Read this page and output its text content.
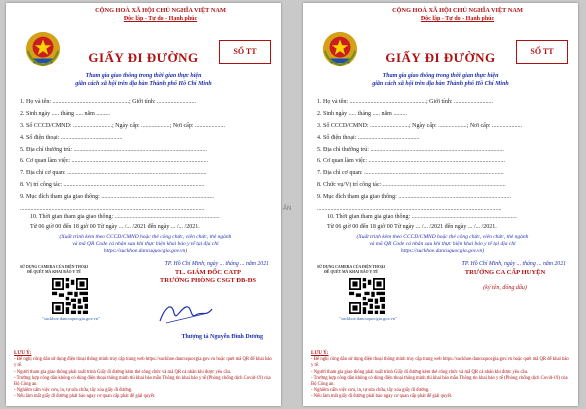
CỘNG HOÀ XÃ HỘI CHỦ NGHĨA VIỆT NAM
Độc lập - Tự do - Hạnh phúc
SỐ TT
GIẤY ĐI ĐƯỜNG
Tham gia giao thông trong thời gian thực hiện
giãn cách xã hội trên địa bàn Thành phố Hồ Chí Minh
1. Họ và tên: ...................................................; Giới tính: ..........................
2. Sinh ngày ..... tháng ..... năm .........
3. Số CCCD/CMND: ..........................; Ngày cấp: ...................; Nơi cấp: ....................
4. Số điện thoại: .........................................
5. Địa chỉ thường trú: .........................................................................................
6. Cơ quan làm việc: ...........................................................................................
7. Địa chỉ cơ quan: .............................................................................................
8. Vị trí công tác: ..............................................................................................
9. Mục đích tham gia giao thông: ...........................................................................
...........................................................................................................................
10. Thời gian tham gia giao thông: ......................................................................
Từ 06 giờ 00 đến 18 giờ 00 Từ ngày ... /... /2021 đến ngày ... /... /2021.
(Xuất trình kèm theo CCCD/CMND hoặc thẻ công chức, viên chức, thẻ ngành
và mã QR Code cá nhân sau khi thực hiện khai báo y tế tại địa chỉ
https://suckhoe.dancuquocgia.gov.vn)
SỬ DỤNG CAMERA CỦA ĐIỆN THOẠI
ĐỂ QUÉT MÃ KHAI BÁO Y TẾ
"suckhoe.dancuquocgia.gov.vn"
TP. Hồ Chí Minh, ngày ... tháng ... năm 2021
TL. GIÁM ĐỐC CATP
TRƯỞNG PHÒNG CSGT ĐB-ĐS
Thượng tá Nguyễn Đình Dương
LƯU Ý:
- Để nghị công dân sử dụng điện thoại thông minh truy cập trang web https://suckhoe.dancuquocgia.gov.vn hoặc quét mã QR để khai báo y tế.
- Người tham gia giao thông phải xuất trình Giấy đi đường kèm thẻ công chức và mã QR cá nhân khi được yêu cầu.
- Trường hợp công dân không có dùng điện thoại thông minh thì khai báo mẫu Thông tin khai báo y tế (Phòng chống dịch Covid-19) của Bộ Công an.
- Nghiêm cấm việc cưu, in, tự sửa chữa, tẩy xóa giấy đi đường.
- Nếu làm mất giấy đi đường phải báo ngay cơ quan cấp phát để giải quyết.
ẢN
CỘNG HOÀ XÃ HỘI CHỦ NGHĨA VIỆT NAM
Độc lập - Tự do - Hạnh phúc
SỐ TT
GIẤY ĐI ĐƯỜNG
Tham gia giao thông trong thời gian thực hiện
giãn cách xã hội trên địa bàn Thành phố Hồ Chí Minh
1. Họ và tên: ...................................................; Giới tính: ..........................
2. Sinh ngày ..... tháng ..... năm .........
3. Số CCCD/CMND: ..........................; Ngày cấp: ...................; Nơi cấp: ....................
4. Số điện thoại: .........................................
5. Địa chỉ thường trú: .........................................................................................
6. Cơ quan làm việc: ...........................................................................................
7. Địa chỉ cơ quan: .............................................................................................
8. Chức vụ/Vị trí công tác: ..................................................................................
9. Mục đích tham gia giao thông: ...........................................................................
...........................................................................................................................
10. Thời gian tham gia giao thông: ......................................................................
Từ 06 giờ 00 đến 18 giờ 00 Từ ngày ... /... /2021 đến ngày ... /... /2021.
(Xuất trình kèm theo CCCD/CMND hoặc thẻ công chức, viên chức, thẻ ngành
và mã QR Code cá nhân sau khi thực hiện khai báo y tế tại địa chỉ
https://suckhoe.dancuquocgia.gov.vn)
SỬ DỤNG CAMERA CỦA ĐIỆN THOẠI
ĐỂ QUÉT MÃ KHAI BÁO Y TẾ
"suckhoe.dancuquocgia.gov.vn"
TP. Hồ Chí Minh, ngày ... tháng ... năm 2021
TRƯỞNG CA CẤP HUYỆN
(ký tên, đóng dấu)
LƯU Ý:
- Để nghị công dân sử dụng điện thoại thông minh truy cập trang web https://suckhoe.dancuquocgia.gov.vn hoặc quét mã QR để khai báo y tế.
- Người tham gia giao thông phải xuất trình Giấy đi đường kèm thẻ công chức và mã QR cá nhân khi được yêu cầu.
- Trường hợp công dân không có dùng điện thoại thông minh thì khai báo mẫu Thông tin khai báo y tế (Phòng chống dịch Covid-19) của Bộ Công an.
- Nghiêm cấm việc cưu, in, tự sửa chữa, tẩy xóa giấy đi đường.
- Nếu làm mất giấy đi đường phải báo ngay cơ quan cấp phát để giải quyết.
